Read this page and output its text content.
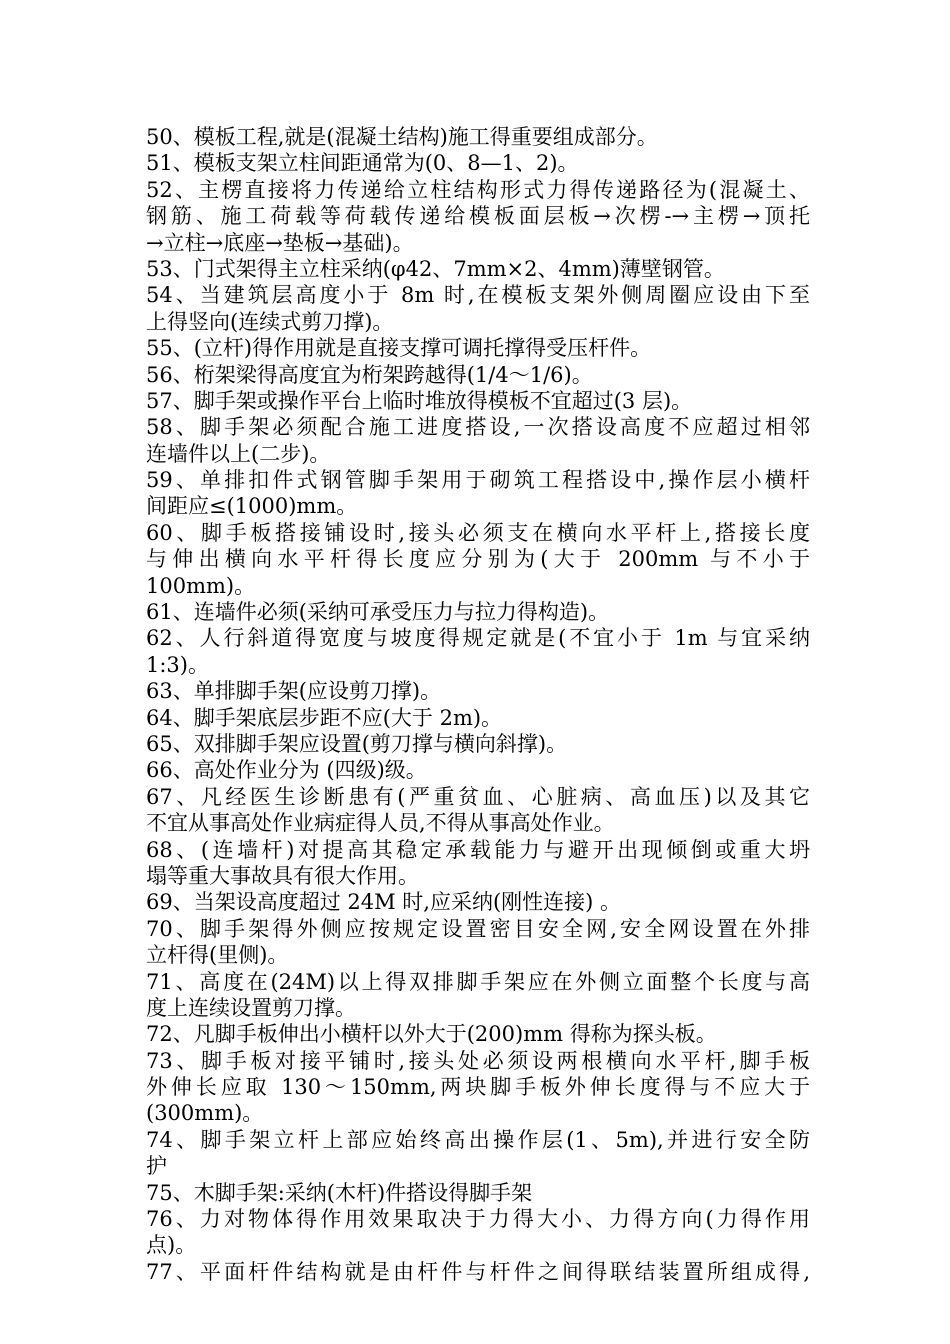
50、模板工程,就是(混凝土结构)施工得重要组成部分。
51、模板支架立柱间距通常为(0、8—1、2)。
52、主楞直接将力传递给立柱结构形式力得传递路径为(混凝土、
钢筋、施工荷载等荷载传递给模板面层板→次楞-→主楞→顶托
→立柱→底座→垫板→基础)。
53、门式架得主立柱采纳(φ42、7mm×2、4mm)薄壁钢管。
54、当建筑层高度小于 8m 时,在模板支架外侧周圈应设由下至
上得竖向(连续式剪刀撑)。
55、(立杆)得作用就是直接支撑可调托撑得受压杆件。
56、桁架梁得高度宜为桁架跨越得(1/4～1/6)。
57、脚手架或操作平台上临时堆放得模板不宜超过(3 层)。
58、脚手架必须配合施工进度搭设,一次搭设高度不应超过相邻
连墙件以上(二步)。
59、单排扣件式钢管脚手架用于砌筑工程搭设中,操作层小横杆
间距应≤(1000)mm。
60、脚手板搭接铺设时,接头必须支在横向水平杆上,搭接长度
与伸出横向水平杆得长度应分别为(大于 200mm 与不小于
100mm)。
61、连墙件必须(采纳可承受压力与拉力得构造)。
62、人行斜道得宽度与坡度得规定就是(不宜小于 1m 与宜采纳
1:3)。
63、单排脚手架(应设剪刀撑)。
64、脚手架底层步距不应(大于 2m)。
65、双排脚手架应设置(剪刀撑与横向斜撑)。
66、高处作业分为 (四级)级。
67、凡经医生诊断患有(严重贫血、心脏病、高血压)以及其它
不宜从事高处作业病症得人员,不得从事高处作业。
68、(连墙杆)对提高其稳定承载能力与避开出现倾倒或重大坍
塌等重大事故具有很大作用。
69、当架设高度超过 24M 时,应采纳(刚性连接) 。
70、脚手架得外侧应按规定设置密目安全网,安全网设置在外排
立杆得(里侧)。
71、高度在(24M)以上得双排脚手架应在外侧立面整个长度与高
度上连续设置剪刀撑。
72、凡脚手板伸出小横杆以外大于(200)mm 得称为探头板。
73、脚手板对接平铺时,接头处必须设两根横向水平杆,脚手板
外伸长应取 130～150mm,两块脚手板外伸长度得与不应大于
(300mm)。
74、脚手架立杆上部应始终高出操作层(1、5m),并进行安全防
护
75、木脚手架:采纳(木杆)件搭设得脚手架
76、力对物体得作用效果取决于力得大小、力得方向(力得作用
点)。
77、平面杆件结构就是由杆件与杆件之间得联结装置所组成得,
